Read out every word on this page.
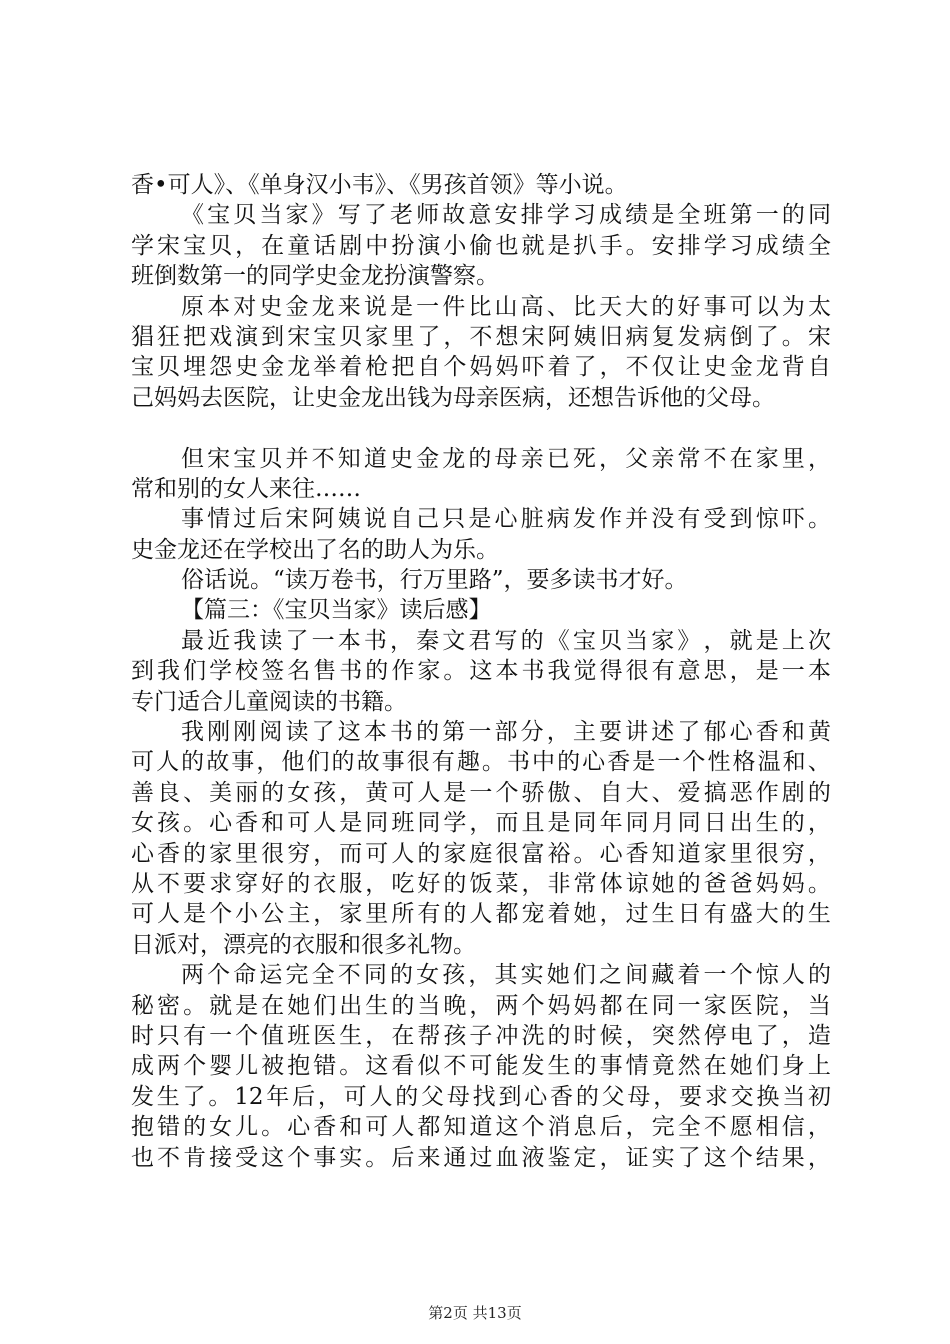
香•可人》、《单身汉小韦》、《男孩首领》等小说。
《 宝 贝 当 家 》 写 了 老 师 故 意 安 排 学 习 成 绩 是 全 班 第 一 的 同
学 宋 宝 贝 ， 在 童 话 剧 中 扮 演 小 偷 也 就 是 扒 手 。 安 排 学 习 成 绩 全
班倒数第一的同学史金龙扮演警察。
原 本 对 史 金 龙 来 说 是 一 件 比 山 高 、 比 天 大 的 好 事 可 以 为 太
猖 狂 把 戏 演 到 宋 宝 贝 家 里 了 ， 不 想 宋 阿 姨 旧 病 复 发 病 倒 了 。 宋
宝 贝 埋 怨 史 金 龙 举 着 枪 把 自 个 妈 妈 吓 着 了 ， 不 仅 让 史 金 龙 背 自
己妈妈去医院，让史金龙出钱为母亲医病，还想告诉他的父母。
但 宋 宝 贝 并 不 知 道 史 金 龙 的 母 亲 已 死 ， 父 亲 常 不 在 家 里 ，
常和别的女人来往……
事 情 过 后 宋 阿 姨 说 自 己 只 是 心 脏 病 发 作 并 没 有 受 到 惊 吓 。
史金龙还在学校出了名的助人为乐。
俗话说。“读万卷书，行万里路”，要多读书才好。
【篇三：《宝贝当家》读后感】
最 近 我 读 了 一 本 书 ， 秦 文 君 写 的 《 宝 贝 当 家 》 ， 就 是 上 次
到 我 们 学 校 签 名 售 书 的 作 家 。 这 本 书 我 觉 得 很 有 意 思 ， 是 一 本
专门适合儿童阅读的书籍。
我 刚 刚 阅 读 了 这 本 书 的 第 一 部 分 ， 主 要 讲 述 了 郁 心 香 和 黄
可 人 的 故 事 ， 他 们 的 故 事 很 有 趣 。 书 中 的 心 香 是 一 个 性 格 温 和 、
善 良 、 美 丽 的 女 孩 ， 黄 可 人 是 一 个 骄 傲 、 自 大 、 爱 搞 恶 作 剧 的
女 孩 。 心 香 和 可 人 是 同 班 同 学 ， 而 且 是 同 年 同 月 同 日 出 生 的 ，
心 香 的 家 里 很 穷 ， 而 可 人 的 家 庭 很 富 裕 。 心 香 知 道 家 里 很 穷 ，
从 不 要 求 穿 好 的 衣 服 ， 吃 好 的 饭 菜 ， 非 常 体 谅 她 的 爸 爸 妈 妈 。
可 人 是 个 小 公 主 ， 家 里 所 有 的 人 都 宠 着 她 ， 过 生 日 有 盛 大 的 生
日派对，漂亮的衣服和很多礼物。
两 个 命 运 完 全 不 同 的 女 孩 ， 其 实 她 们 之 间 藏 着 一 个 惊 人 的
秘 密 。 就 是 在 她 们 出 生 的 当 晚 ， 两 个 妈 妈 都 在 同 一 家 医 院 ， 当
时 只 有 一 个 值 班 医 生 ， 在 帮 孩 子 冲 洗 的 时 候 ， 突 然 停 电 了 ， 造
成 两 个 婴 儿 被 抱 错 。 这 看 似 不 可 能 发 生 的 事 情 竟 然 在 她 们 身 上
发 生 了 。 12 年 后 ， 可 人 的 父 母 找 到 心 香 的 父 母 ， 要 求 交 换 当 初
抱 错 的 女 儿 。 心 香 和 可 人 都 知 道 这 个 消 息 后 ， 完 全 不 愿 相 信 ，
也 不 肯 接 受 这 个 事 实 。 后 来 通 过 血 液 鉴 定 ， 证 实 了 这 个 结 果 ，
第2页 共13页
